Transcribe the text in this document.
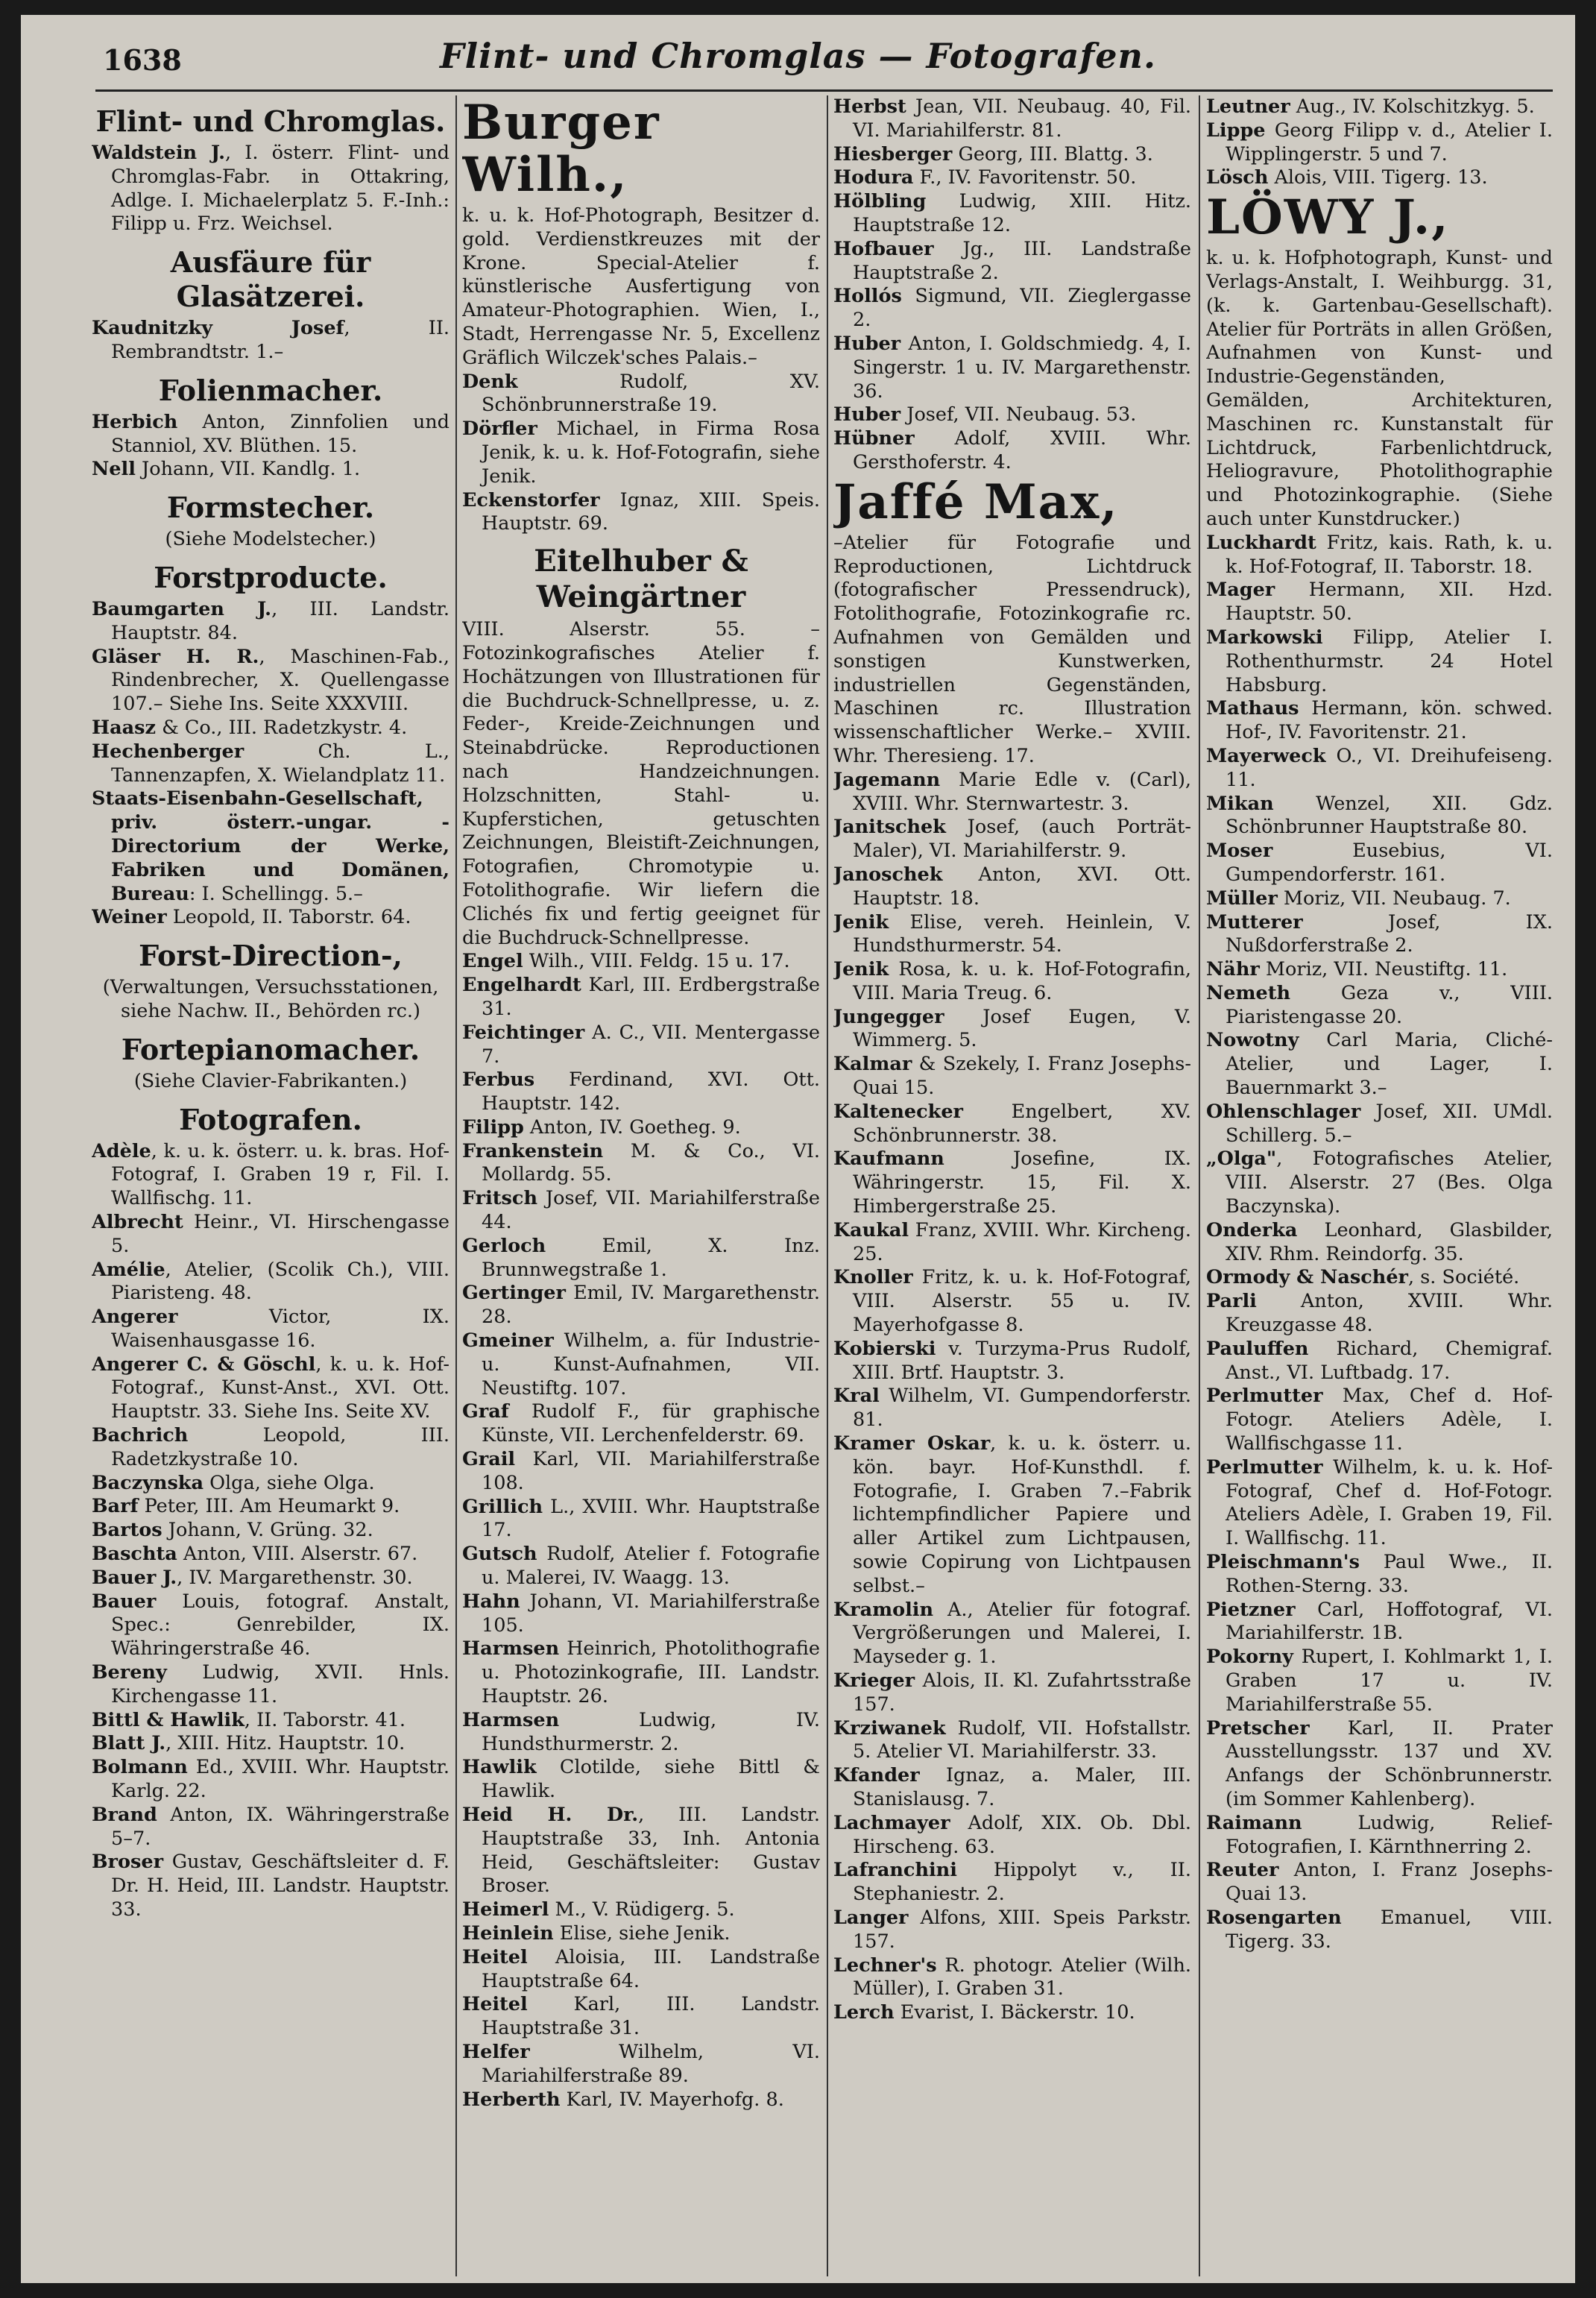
1638	Flint- und Chromglas — Fotografen.
Flint- und Chromglas.

Waldstein J., I. österr. Flint- und Chromglas-Fabr. in Ottakring, Adlge. I. Michaelerplatz 5. F.-Inh.: Filipp u. Frz. Weichsel.

Ausfäure für Glasätzerei.

Kaudnitzky Josef, II. Rembrandtstr. 1.–

Folienmacher.

Herbich Anton, Zinnfolien und Stanniol, XV. Blüthen. 15.

Nell Johann, VII. Kandlg. 1.

Formstecher.
(Siehe Modelstecher.)
Forstproducte.

Baumgarten J., III. Landstr. Hauptstr. 84.

Gläser H. R., Maschinen-Fab., Rindenbrecher, X. Quellengasse 107.– Siehe Ins. Seite XXXVIII.

Haasz & Co., III. Radetzkystr. 4.

Hechenberger Ch. L., Tannenzapfen, X. Wielandplatz 11.

Staats-Eisenbahn-Gesellschaft, priv. österr.-ungar. -Directorium der Werke, Fabriken und Domänen, Bureau: I. Schellingg. 5.–

Weiner Leopold, II. Taborstr. 64.

Forst-Direction-,
(Verwaltungen, Versuchsstationen, siehe Nachw. II., Behörden rc.)
Fortepianomacher.
(Siehe Clavier-Fabrikanten.)
Fotografen.

Adèle, k. u. k. österr. u. k. bras. Hof-Fotograf, I. Graben 19 r, Fil. I. Wallfischg. 11.

Albrecht Heinr., VI. Hirschengasse 5.

Amélie, Atelier, (Scolik Ch.), VIII. Piaristeng. 48.

Angerer Victor, IX. Waisenhausgasse 16.

Angerer C. & Göschl, k. u. k. Hof-Fotograf., Kunst-Anst., XVI. Ott. Hauptstr. 33. Siehe Ins. Seite XV.

Bachrich Leopold, III. Radetzkystraße 10.

Baczynska Olga, siehe Olga.

Barf Peter, III. Am Heumarkt 9.

Bartos Johann, V. Grüng. 32.

Baschta Anton, VIII. Alserstr. 67.

Bauer J., IV. Margarethenstr. 30.

Bauer Louis, fotograf. Anstalt, Spec.: Genrebilder, IX. Währingerstraße 46.

Bereny Ludwig, XVII. Hnls. Kirchengasse 11.

Bittl & Hawlik, II. Taborstr. 41.

Blatt J., XIII. Hitz. Hauptstr. 10.

Bolmann Ed., XVIII. Whr. Hauptstr. Karlg. 22.

Brand Anton, IX. Währingerstraße 5–7.

Broser Gustav, Geschäftsleiter d. F. Dr. H. Heid, III. Landstr. Hauptstr. 33.

Burger Wilh.,

k. u. k. Hof-Photograph, Besitzer d. gold. Verdienstkreuzes mit der Krone. Special-Atelier f. künstlerische Ausfertigung von Amateur-Photographien. Wien, I., Stadt, Herrengasse Nr. 5, Excellenz Gräflich Wilczek'sches Palais.–

Denk Rudolf, XV. Schönbrunnerstraße 19.

Dörfler Michael, in Firma Rosa Jenik, k. u. k. Hof-Fotografin, siehe Jenik.

Eckenstorfer Ignaz, XIII. Speis. Hauptstr. 69.

Eitelhuber & Weingärtner

VIII. Alserstr. 55. –Fotozinkografisches Atelier f. Hochätzungen von Illustrationen für die Buchdruck-Schnellpresse, u. z. Feder-, Kreide-Zeichnungen und Steinabdrücke. Reproductionen nach Handzeichnungen. Holzschnitten, Stahl- u. Kupferstichen, getuschten Zeichnungen, Bleistift-Zeichnungen, Fotografien, Chromotypie u. Fotolithografie. Wir liefern die Clichés fix und fertig geeignet für die Buchdruck-Schnellpresse.

Engel Wilh., VIII. Feldg. 15 u. 17.

Engelhardt Karl, III. Erdbergstraße 31.

Feichtinger A. C., VII. Mentergasse 7.

Ferbus Ferdinand, XVI. Ott. Hauptstr. 142.

Filipp Anton, IV. Goetheg. 9.

Frankenstein M. & Co., VI. Mollardg. 55.

Fritsch Josef, VII. Mariahilferstraße 44.

Gerloch Emil, X. Inz. Brunnwegstraße 1.

Gertinger Emil, IV. Margarethenstr. 28.

Gmeiner Wilhelm, a. für Industrie- u. Kunst-Aufnahmen, VII. Neustiftg. 107.

Graf Rudolf F., für graphische Künste, VII. Lerchenfelderstr. 69.

Grail Karl, VII. Mariahilferstraße 108.

Grillich L., XVIII. Whr. Hauptstraße 17.

Gutsch Rudolf, Atelier f. Fotografie u. Malerei, IV. Waagg. 13.

Hahn Johann, VI. Mariahilferstraße 105.

Harmsen Heinrich, Photolithografie u. Photozinkografie, III. Landstr. Hauptstr. 26.

Harmsen Ludwig, IV. Hundsthurmerstr. 2.

Hawlik Clotilde, siehe Bittl & Hawlik.

Heid H. Dr., III. Landstr. Hauptstraße 33, Inh. Antonia Heid, Geschäftsleiter: Gustav Broser.

Heimerl M., V. Rüdigerg. 5.

Heinlein Elise, siehe Jenik.

Heitel Aloisia, III. Landstraße Hauptstraße 64.

Heitel Karl, III. Landstr. Hauptstraße 31.

Helfer Wilhelm, VI. Mariahilferstraße 89.

Herberth Karl, IV. Mayerhofg. 8.

Herbst Jean, VII. Neubaug. 40, Fil. VI. Mariahilferstr. 81.

Hiesberger Georg, III. Blattg. 3.

Hodura F., IV. Favoritenstr. 50.

Hölbling Ludwig, XIII. Hitz. Hauptstraße 12.

Hofbauer Jg., III. Landstraße Hauptstraße 2.

Hollós Sigmund, VII. Zieglergasse 2.

Huber Anton, I. Goldschmiedg. 4, I. Singerstr. 1 u. IV. Margarethenstr. 36.

Huber Josef, VII. Neubaug. 53.

Hübner Adolf, XVIII. Whr. Gersthoferstr. 4.

Jaffé Max,

–Atelier für Fotografie und Reproductionen, Lichtdruck (fotografischer Pressendruck), Fotolithografie, Fotozinkografie rc. Aufnahmen von Gemälden und sonstigen Kunstwerken, industriellen Gegenständen, Maschinen rc. Illustration wissenschaftlicher Werke.– XVIII. Whr. Theresieng. 17.

Jagemann Marie Edle v. (Carl), XVIII. Whr. Sternwartestr. 3.

Janitschek Josef, (auch Porträt-Maler), VI. Mariahilferstr. 9.

Janoschek Anton, XVI. Ott. Hauptstr. 18.

Jenik Elise, vereh. Heinlein, V. Hundsthurmerstr. 54.

Jenik Rosa, k. u. k. Hof-Fotografin, VIII. Maria Treug. 6.

Jungegger Josef Eugen, V. Wimmerg. 5.

Kalmar & Szekely, I. Franz Josephs-Quai 15.

Kaltenecker Engelbert, XV. Schönbrunnerstr. 38.

Kaufmann Josefine, IX. Währingerstr. 15, Fil. X. Himbergerstraße 25.

Kaukal Franz, XVIII. Whr. Kircheng. 25.

Knoller Fritz, k. u. k. Hof-Fotograf, VIII. Alserstr. 55 u. IV. Mayerhofgasse 8.

Kobierski v. Turzyma-Prus Rudolf, XIII. Brtf. Hauptstr. 3.

Kral Wilhelm, VI. Gumpendorferstr. 81.

Kramer Oskar, k. u. k. österr. u. kön. bayr. Hof-Kunsthdl. f. Fotografie, I. Graben 7.–Fabrik lichtempfindlicher Papiere und aller Artikel zum Lichtpausen, sowie Copirung von Lichtpausen selbst.–

Kramolin A., Atelier für fotograf. Vergrößerungen und Malerei, I. Mayseder g. 1.

Krieger Alois, II. Kl. Zufahrtsstraße 157.

Krziwanek Rudolf, VII. Hofstallstr. 5. Atelier VI. Mariahilferstr. 33.

Kfander Ignaz, a. Maler, III. Stanislausg. 7.

Lachmayer Adolf, XIX. Ob. Dbl. Hirscheng. 63.

Lafranchini Hippolyt v., II. Stephaniestr. 2.

Langer Alfons, XIII. Speis Parkstr. 157.

Lechner's R. photogr. Atelier (Wilh. Müller), I. Graben 31.

Lerch Evarist, I. Bäckerstr. 10.

Leutner Aug., IV. Kolschitzkyg. 5.

Lippe Georg Filipp v. d., Atelier I. Wipplingerstr. 5 und 7.

Lösch Alois, VIII. Tigerg. 13.

LÖWY J.,

k. u. k. Hofphotograph, Kunst- und Verlags-Anstalt, I. Weihburgg. 31, (k. k. Gartenbau-Gesellschaft). Atelier für Porträts in allen Größen, Aufnahmen von Kunst- und Industrie-Gegenständen, Gemälden, Architekturen, Maschinen rc. Kunstanstalt für Lichtdruck, Farbenlichtdruck, Heliogravure, Photolithographie und Photozinkographie. (Siehe auch unter Kunstdrucker.)

Luckhardt Fritz, kais. Rath, k. u. k. Hof-Fotograf, II. Taborstr. 18.

Mager Hermann, XII. Hzd. Hauptstr. 50.

Markowski Filipp, Atelier I. Rothenthurmstr. 24 Hotel Habsburg.

Mathaus Hermann, kön. schwed. Hof-, IV. Favoritenstr. 21.

Mayerweck O., VI. Dreihufeiseng. 11.

Mikan Wenzel, XII. Gdz. Schönbrunner Hauptstraße 80.

Moser Eusebius, VI. Gumpendorferstr. 161.

Müller Moriz, VII. Neubaug. 7.

Mutterer Josef, IX. Nußdorferstraße 2.

Nähr Moriz, VII. Neustiftg. 11.

Nemeth Geza v., VIII. Piaristengasse 20.

Nowotny Carl Maria, Cliché-Atelier, und Lager, I. Bauernmarkt 3.–

Ohlenschlager Josef, XII. UMdl. Schillerg. 5.–

„Olga", Fotografisches Atelier, VIII. Alserstr. 27 (Bes. Olga Baczynska).

Onderka Leonhard, Glasbilder, XIV. Rhm. Reindorfg. 35.

Ormody & Naschér, s. Société.

Parli Anton, XVIII. Whr. Kreuzgasse 48.

Pauluffen Richard, Chemigraf. Anst., VI. Luftbadg. 17.

Perlmutter Max, Chef d. Hof-Fotogr. Ateliers Adèle, I. Wallfischgasse 11.

Perlmutter Wilhelm, k. u. k. Hof-Fotograf, Chef d. Hof-Fotogr. Ateliers Adèle, I. Graben 19, Fil. I. Wallfischg. 11.

Pleischmann's Paul Wwe., II. Rothen-Sterng. 33.

Pietzner Carl, Hoffotograf, VI. Mariahilferstr. 1B.

Pokorny Rupert, I. Kohlmarkt 1, I. Graben 17 u. IV. Mariahilferstraße 55.

Pretscher Karl, II. Prater Ausstellungsstr. 137 und XV. Anfangs der Schönbrunnerstr. (im Sommer Kahlenberg).

Raimann Ludwig, Relief-Fotografien, I. Kärnthnerring 2.

Reuter Anton, I. Franz Josephs-Quai 13.

Rosengarten Emanuel, VIII. Tigerg. 33.
